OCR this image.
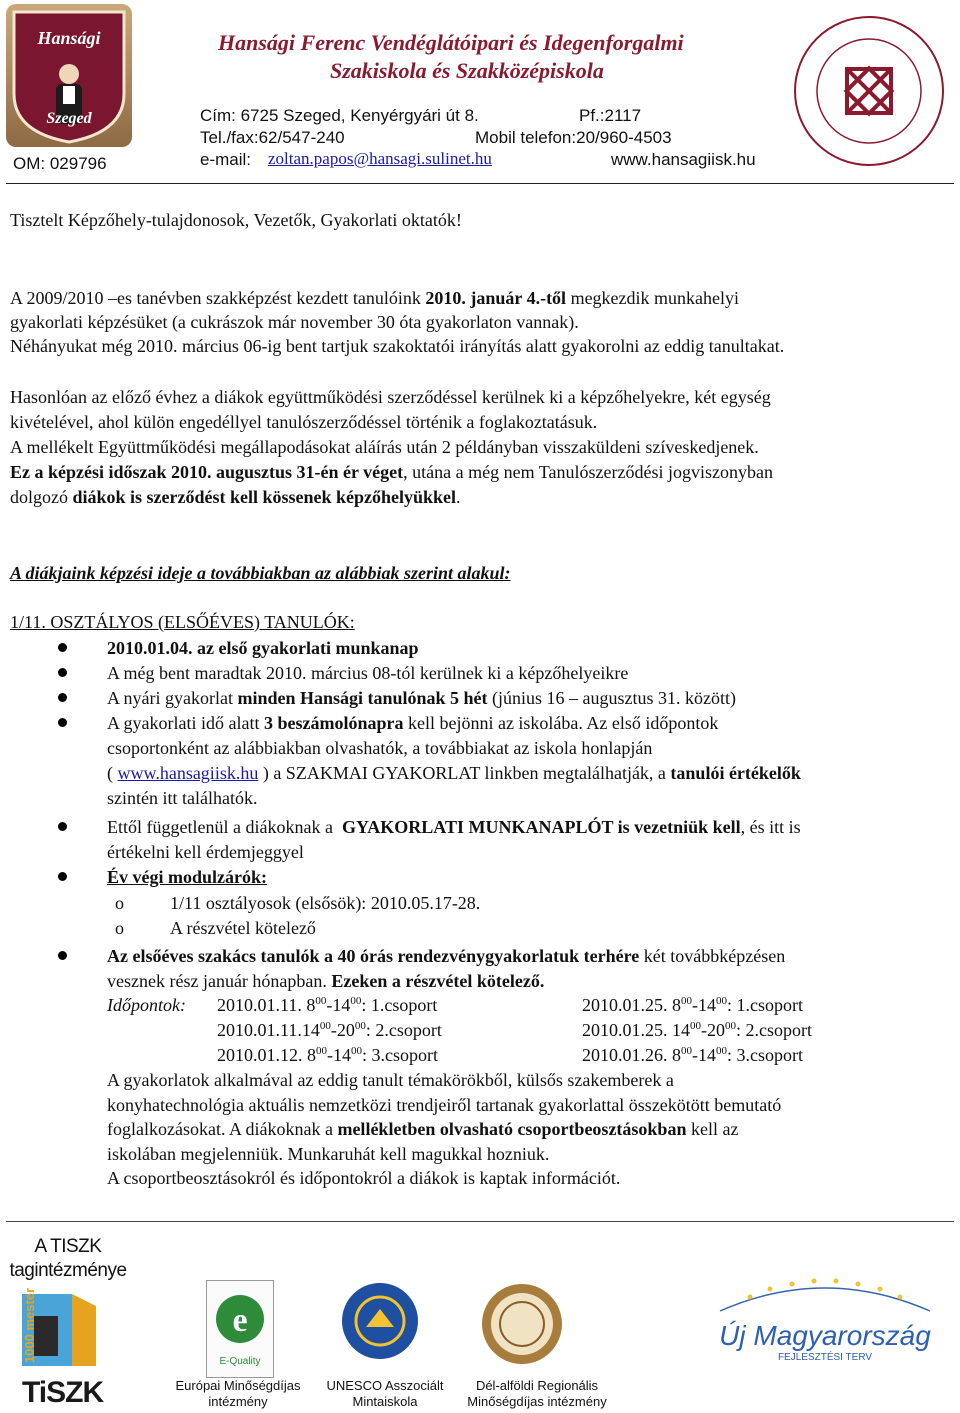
Hansági
Szeged
OM: 029796
Hansági Ferenc Vendéglátóipari és Idegenforgalmi
Szakiskola és Szakközépiskola
Cím: 6725 Szeged, Kenyérgyári út 8.	Pf.:2117
Tel./fax:62/547-240	Mobil telefon:20/960-4503
e-mail: zoltan.papos@hansagi.sulinet.hu	www.hansagiisk.hu
Tisztelt Képzőhely-tulajdonosok, Vezetők, Gyakorlati oktatók!
A 2009/2010 –es tanévben szakképzést kezdett tanulóink 2010. január 4.-től megkezdik munkahelyi
gyakorlati képzésüket (a cukrászok már november 30 óta gyakorlaton vannak).
Néhányukat még 2010. március 06-ig bent tartjuk szakoktatói irányítás alatt gyakorolni az eddig tanultakat.
Hasonlóan az előző évhez a diákok együttműködési szerződéssel kerülnek ki a képzőhelyekre, két egység
kivételével, ahol külön engedéllyel tanulószerződéssel történik a foglakoztatásuk.
A mellékelt Együttműködési megállapodásokat aláírás után 2 példányban visszaküldeni szíveskedjenek.
Ez a képzési időszak 2010. augusztus 31-én ér véget, utána a még nem Tanulószerződési jogviszonyban
dolgozó diákok is szerződést kell kössenek képzőhelyükkel.
A diákjaink képzési ideje a továbbiakban az alábbiak szerint alakul:
1/11. OSZTÁLYOS (ELSŐÉVES) TANULÓK:
2010.01.04. az első gyakorlati munkanap
A még bent maradtak 2010. március 08-tól kerülnek ki a képzőhelyeikre
A nyári gyakorlat minden Hansági tanulónak 5 hét (június 16 – augusztus 31. között)
A gyakorlati idő alatt 3 beszámolónapra kell bejönni az iskolába. Az első időpontok
csoportonként az alábbiakban olvashatók, a továbbiakat az iskola honlapján
( www.hansagiisk.hu ) a SZAKMAI GYAKORLAT linkben megtalálhatják, a tanulói értékelők
szintén itt találhatók.
Ettől függetlenül a diákoknak a  GYAKORLATI MUNKANAPLÓT is vezetniük kell, és itt is
értékelni kell érdemjeggyel
Év végi modulzárók:
o	1/11 osztályosok (elsősök): 2010.05.17-28.
o	A részvétel kötelező
Az elsőéves szakács tanulók a 40 órás rendezvénygyakorlatuk terhére két továbbképzésen
vesznek rész január hónapban. Ezeken a részvétel kötelező.
Időpontok: 2010.01.11. $8^{00}-14^{00}$: 1.csoport	2010.01.25. $8^{00}-14^{00}$: 1.csoport
$2010.01.11.14^{00}-20^{00}$: 2.csoport	2010.01.25. $14^{00}-20^{00}$: 2.csoport
2010.01.12. $8^{00}-14^{00}$: 3.csoport	2010.01.26. $8^{00}-14^{00}$: 3.csoport
A gyakorlatok alkalmával az eddig tanult témakörökből, külsős szakemberek a
konyhatechnológia aktuális nemzetközi trendjeiről tartanak gyakorlattal összekötött bemutató
foglalkozásokat. A diákoknak a mellékletben olvasható csoportbeosztásokban kell az
iskolában megjelenniük. Munkaruhát kell magukkal hozniuk.
A csoportbeosztásokról és időpontokról a diákok is kaptak információt.
A TISZK
tagintézménye
1000 mester
TiSZK
e
E-Quality
Új Magyarország
FEJLESZTÉSI TERV
Európai Minőségdíjas
intézmény
UNESCO Asszociált
Mintaiskola
Dél-alföldi Regionális
Minőségdíjas intézmény
